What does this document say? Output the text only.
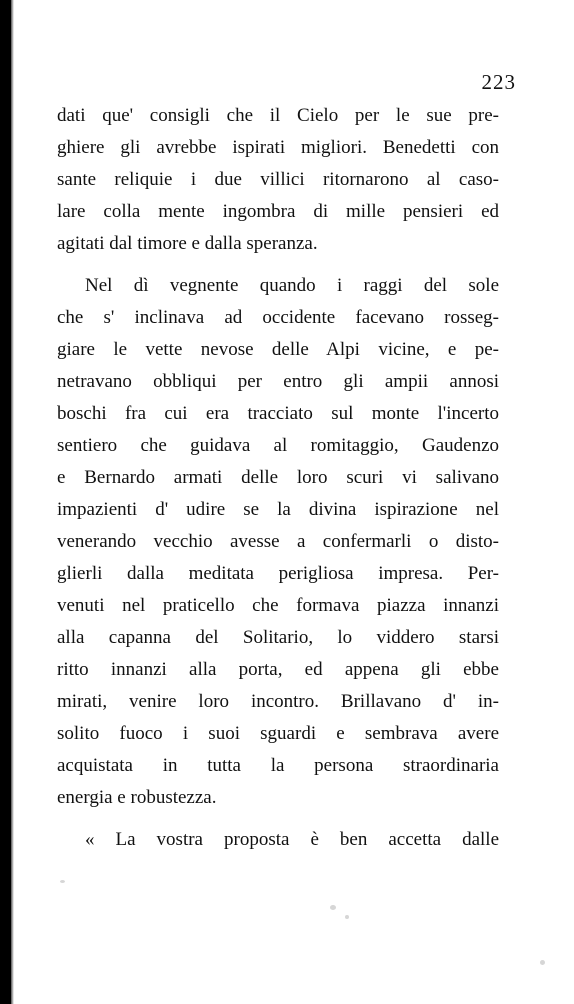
223
dati que' consigli che il Cielo per le sue pre-
ghiere gli avrebbe ispirati migliori. Benedetti con
sante reliquie i due villici ritornarono al caso-
lare colla mente ingombra di mille pensieri ed
agitati dal timore e dalla speranza.
Nel dì vegnente quando i raggi del sole
che s' inclinava ad occidente facevano rosseg-
giare le vette nevose delle Alpi vicine, e pe-
netravano obbliqui per entro gli ampii annosi
boschi fra cui era tracciato sul monte l'incerto
sentiero che guidava al romitaggio, Gaudenzo
e Bernardo armati delle loro scuri vi salivano
impazienti d' udire se la divina ispirazione nel
venerando vecchio avesse a confermarli o disto-
glierli dalla meditata perigliosa impresa. Per-
venuti nel praticello che formava piazza innanzi
alla capanna del Solitario, lo viddero starsi
ritto innanzi alla porta, ed appena gli ebbe
mirati, venire loro incontro. Brillavano d' in-
solito fuoco i suoi sguardi e sembrava avere
acquistata in tutta la persona straordinaria
energia e robustezza.
« La vostra proposta è ben accetta dalle
